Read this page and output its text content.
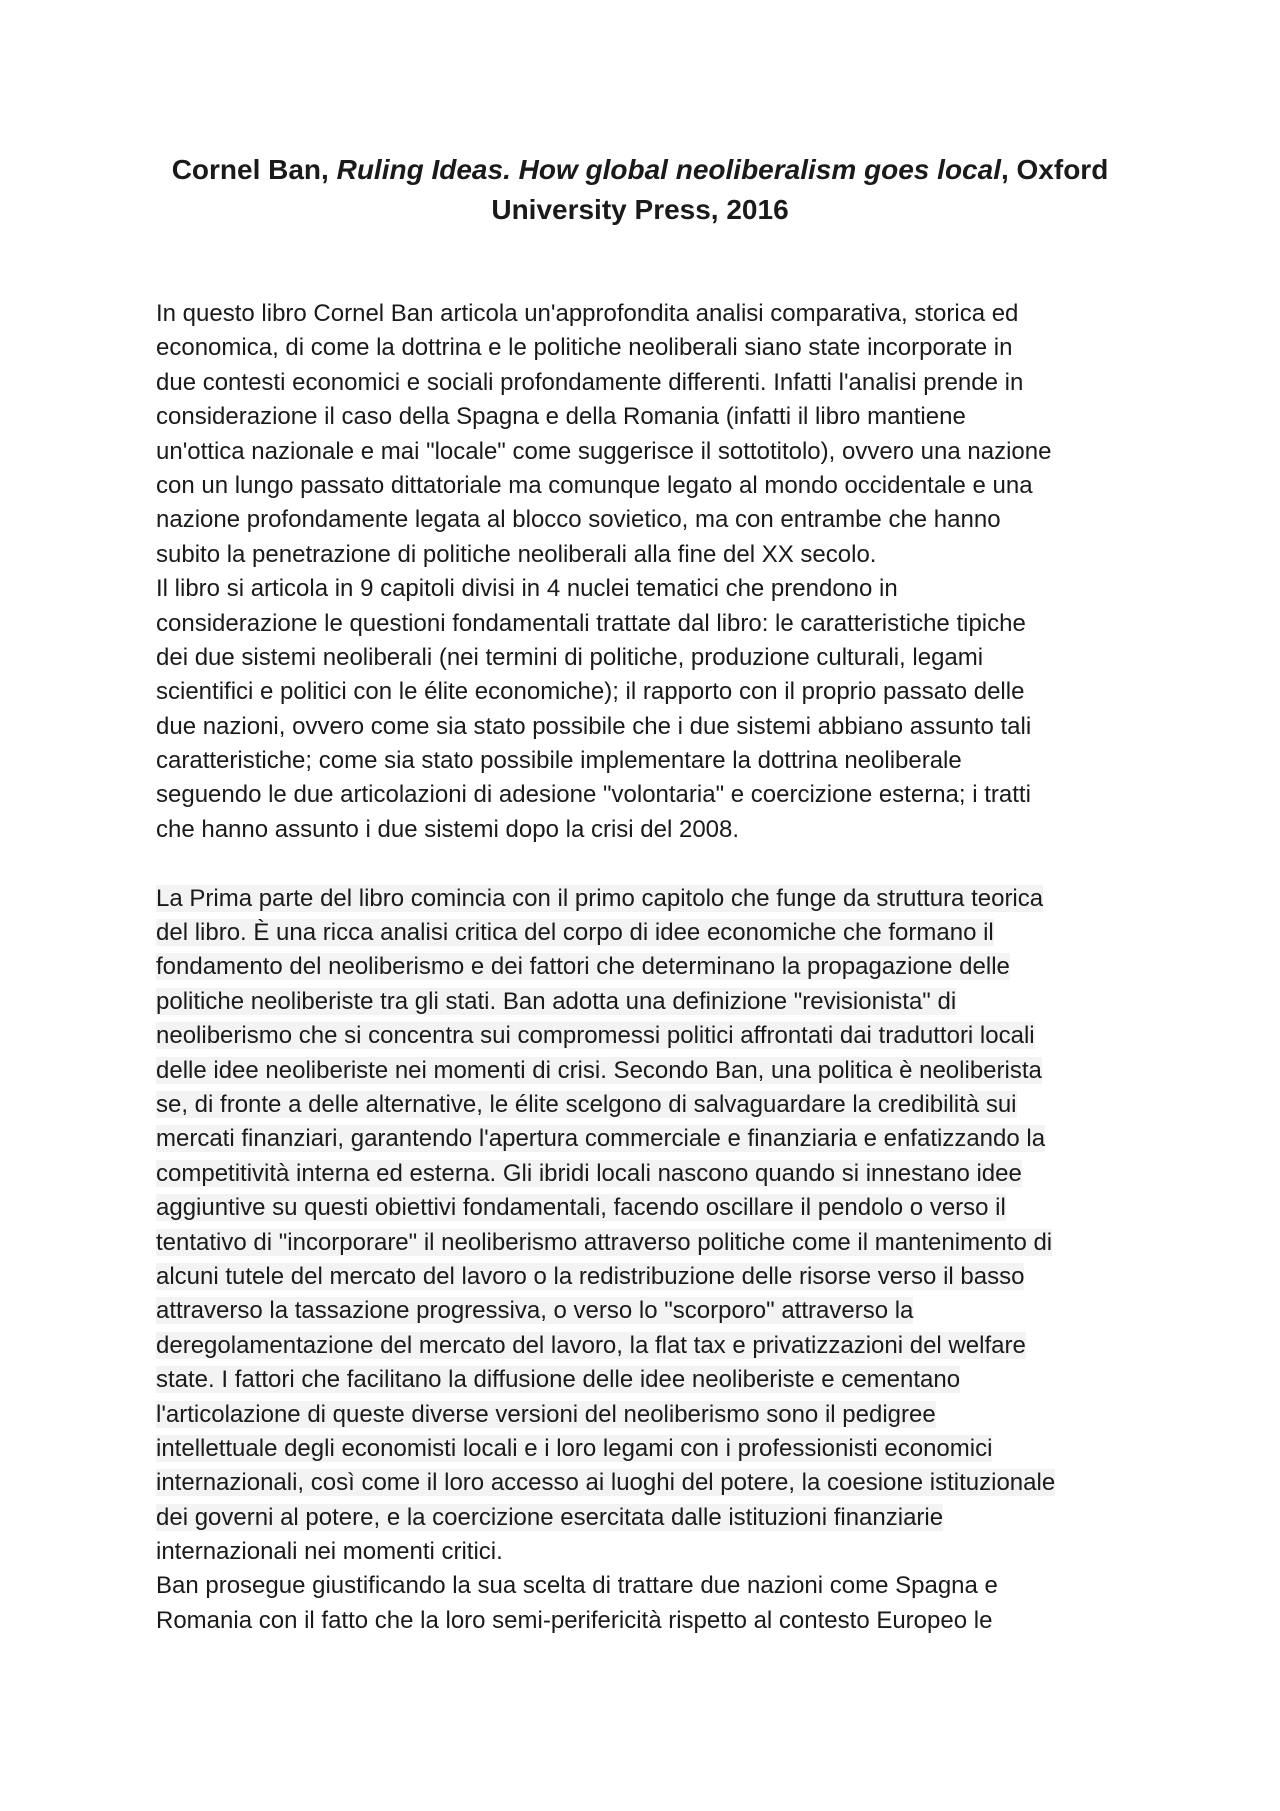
Cornel Ban, Ruling Ideas. How global neoliberalism goes local, Oxford
University Press, 2016
In questo libro Cornel Ban articola un'approfondita analisi comparativa, storica ed
economica, di come la dottrina e le politiche neoliberali siano state incorporate in
due contesti economici e sociali profondamente differenti. Infatti l'analisi prende in
considerazione il caso della Spagna e della Romania (infatti il libro mantiene
un'ottica nazionale e mai "locale" come suggerisce il sottotitolo), ovvero una nazione
con un lungo passato dittatoriale ma comunque legato al mondo occidentale e una
nazione profondamente legata al blocco sovietico, ma con entrambe che hanno
subito la penetrazione di politiche neoliberali alla fine del XX secolo.
Il libro si articola in 9 capitoli divisi in 4 nuclei tematici che prendono in
considerazione le questioni fondamentali trattate dal libro: le caratteristiche tipiche
dei due sistemi neoliberali (nei termini di politiche, produzione culturali, legami
scientifici e politici con le élite economiche); il rapporto con il proprio passato delle
due nazioni, ovvero come sia stato possibile che i due sistemi abbiano assunto tali
caratteristiche; come sia stato possibile implementare la dottrina neoliberale
seguendo le due articolazioni di adesione "volontaria" e coercizione esterna; i tratti
che hanno assunto i due sistemi dopo la crisi del 2008.
La Prima parte del libro comincia con il primo capitolo che funge da struttura teorica
del libro. È una ricca analisi critica del corpo di idee economiche che formano il
fondamento del neoliberismo e dei fattori che determinano la propagazione delle
politiche neoliberiste tra gli stati. Ban adotta una definizione "revisionista" di
neoliberismo che si concentra sui compromessi politici affrontati dai traduttori locali
delle idee neoliberiste nei momenti di crisi. Secondo Ban, una politica è neoliberista
se, di fronte a delle alternative, le élite scelgono di salvaguardare la credibilità sui
mercati finanziari, garantendo l'apertura commerciale e finanziaria e enfatizzando la
competitività interna ed esterna. Gli ibridi locali nascono quando si innestano idee
aggiuntive su questi obiettivi fondamentali, facendo oscillare il pendolo o verso il
tentativo di "incorporare" il neoliberismo attraverso politiche come il mantenimento di
alcuni tutele del mercato del lavoro o la redistribuzione delle risorse verso il basso
attraverso la tassazione progressiva, o verso lo "scorporo" attraverso la
deregolamentazione del mercato del lavoro, la flat tax e privatizzazioni del welfare
state. I fattori che facilitano la diffusione delle idee neoliberiste e cementano
l'articolazione di queste diverse versioni del neoliberismo sono il pedigree
intellettuale degli economisti locali e i loro legami con i professionisti economici
internazionali, così come il loro accesso ai luoghi del potere, la coesione istituzionale
dei governi al potere, e la coercizione esercitata dalle istituzioni finanziarie
internazionali nei momenti critici.
Ban prosegue giustificando la sua scelta di trattare due nazioni come Spagna e
Romania con il fatto che la loro semi-perifericità rispetto al contesto Europeo le
